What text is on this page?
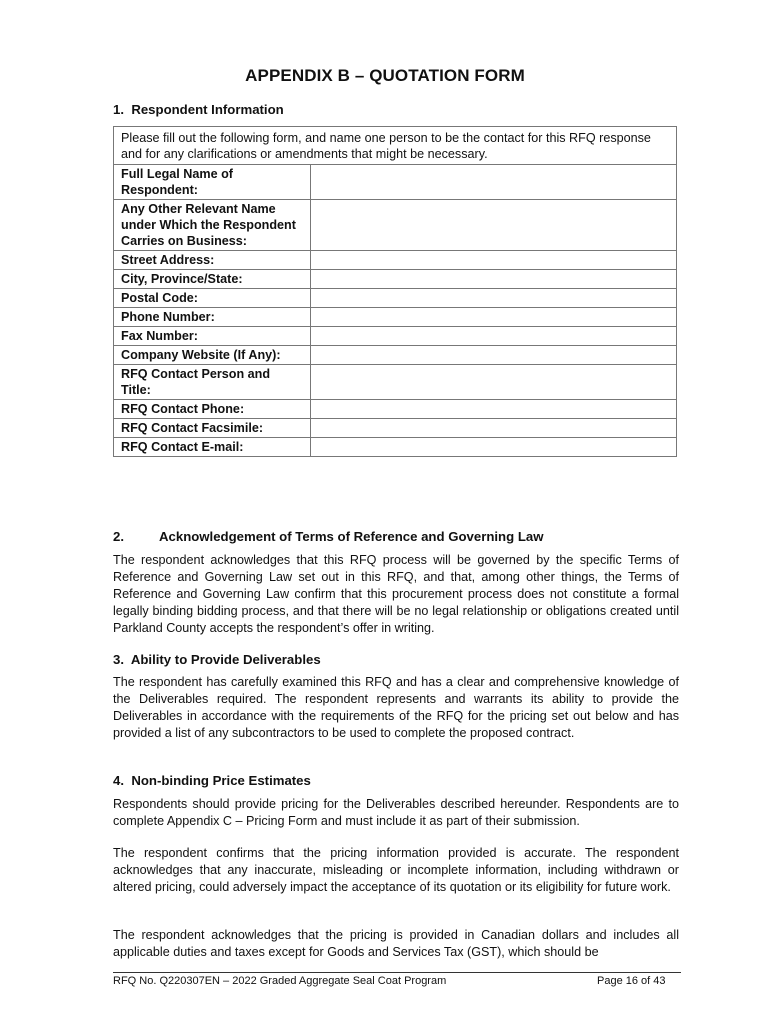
APPENDIX B – QUOTATION FORM
1. Respondent Information
Please fill out the following form, and name one person to be the contact for this RFQ response and for any clarifications or amendments that might be necessary.	
Full Legal Name of Respondent:	
Any Other Relevant Name under Which the Respondent Carries on Business:	
Street Address:	
City, Province/State:	
Postal Code:	
Phone Number:	
Fax Number:	
Company Website (If Any):	
RFQ Contact Person and Title:	
RFQ Contact Phone:	
RFQ Contact Facsimile:	
RFQ Contact E-mail:	
2.	Acknowledgement of Terms of Reference and Governing Law

The respondent acknowledges that this RFQ process will be governed by the specific Terms of Reference and Governing Law set out in this RFQ, and that, among other things, the Terms of Reference and Governing Law confirm that this procurement process does not constitute a formal legally binding bidding process, and that there will be no legal relationship or obligations created until Parkland County accepts the respondent’s offer in writing.

3. Ability to Provide Deliverables

The respondent has carefully examined this RFQ and has a clear and comprehensive knowledge of the Deliverables required. The respondent represents and warrants its ability to provide the Deliverables in accordance with the requirements of the RFQ for the pricing set out below and has provided a list of any subcontractors to be used to complete the proposed contract.

4. Non-binding Price Estimates

Respondents should provide pricing for the Deliverables described hereunder. Respondents are to complete Appendix C – Pricing Form and must include it as part of their submission.

The respondent confirms that the pricing information provided is accurate. The respondent acknowledges that any inaccurate, misleading or incomplete information, including withdrawn or altered pricing, could adversely impact the acceptance of its quotation or its eligibility for future work.

The respondent acknowledges that the pricing is provided in Canadian dollars and includes all applicable duties and taxes except for Goods and Services Tax (GST), which should be

RFQ No. Q220307EN – 2022 Graded Aggregate Seal Coat Program	Page 16 of 43
